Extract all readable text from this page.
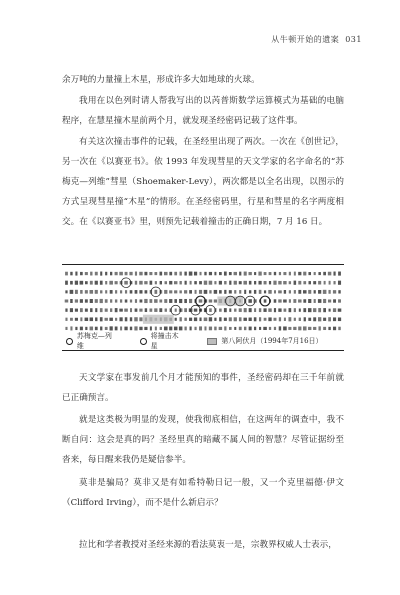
从牛顿开始的遗案 031

余万吨的力量撞上木星，形成许多大如地球的火球。

我用在以色列时请人帮我写出的以芮普斯数学运算模式为基础的电脑程序，在慧星撞木星前两个月，就发现圣经密码记载了这件事。

有关这次撞击事件的记载，在圣经里出现了两次。一次在《创世记》，另一次在《以赛亚书》。依 1993 年发现彗星的天文学家的名字命名的“苏梅克—列维”彗星（Shoemaker-Levy），两次都是以全名出现，以图示的方式呈现彗星撞“木星”的情形。在圣经密码里，行星和彗星的名字两度相交。在《以赛亚书》里，则预先记载着撞击的正确日期，7 月 16 日。

苏梅克—列维
将撞击木星
第八阿伏月（1994年7月16日）

天文学家在事发前几个月才能预知的事件，圣经密码却在三千年前就已正确预言。

就是这类极为明显的发现，使我彻底相信，在这两年的调查中，我不断自问：这会是真的吗？圣经里真的暗藏不属人间的智慧？尽管证据纷至沓来，每日醒来我仍是疑信参半。

莫非是骗局？莫非又是有如希特勒日记一般，又一个克里福德·伊文（Clifford Irving），而不是什么新启示？

拉比和学者教授对圣经来源的看法莫衷一是，宗教界权威人士表示，
